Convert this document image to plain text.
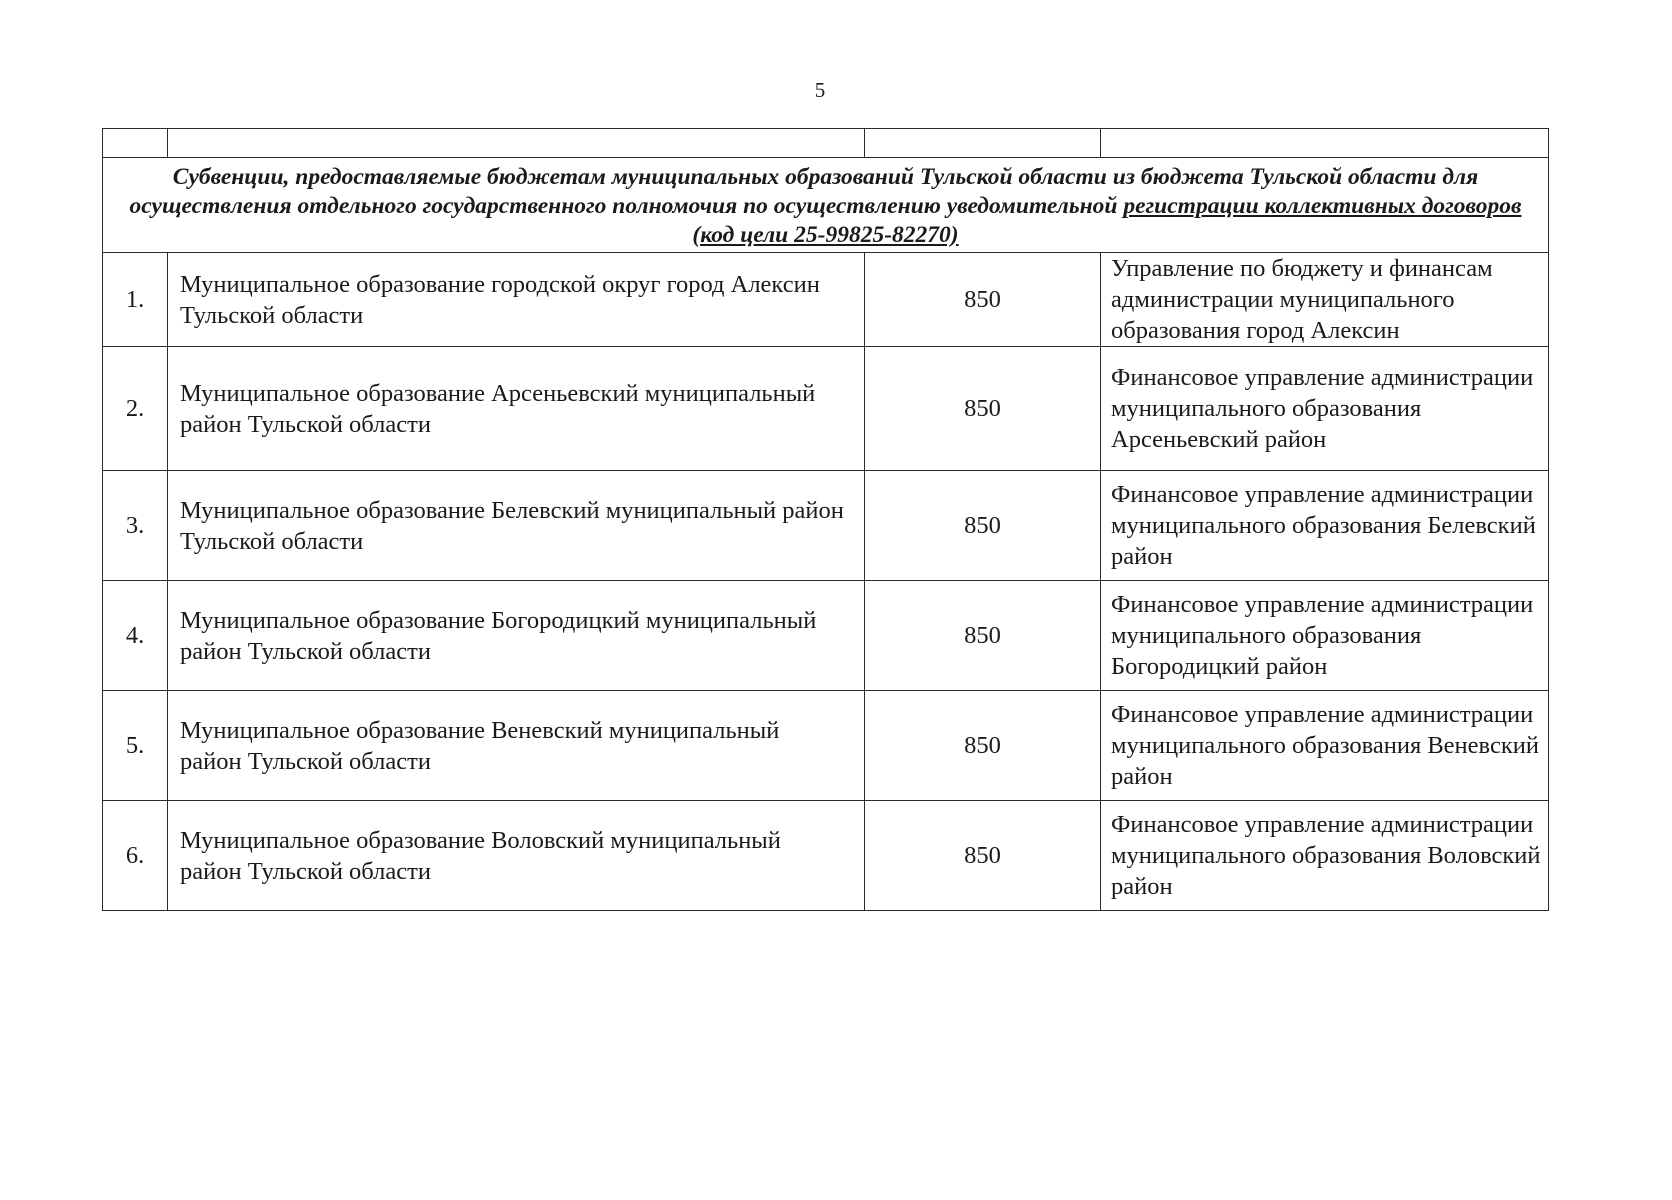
5

Субвенции, предоставляемые бюджетам муниципальных образований Тульской области из бюджета Тульской области для осуществления отдельного государственного полномочия по осуществлению уведомительной регистрации коллективных договоров (код цели 25-99825-82270)			
1.	Муниципальное образование городской округ город Алексин Тульской области	850	Управление по бюджету и финансам администрации муниципального образования город Алексин
2.	Муниципальное образование Арсеньевский муниципальный район Тульской области	850	Финансовое управление администрации муниципального образования Арсеньевский район
3.	Муниципальное образование Белевский муниципальный район Тульской области	850	Финансовое управление администрации муниципального образования Белевский район
4.	Муниципальное образование Богородицкий муниципальный район Тульской области	850	Финансовое управление администрации муниципального образования Богородицкий район
5.	Муниципальное образование Веневский муниципальный район Тульской области	850	Финансовое управление администрации муниципального образования Веневский район
6.	Муниципальное образование Воловский муниципальный район Тульской области	850	Финансовое управление администрации муниципального образования Воловский район
